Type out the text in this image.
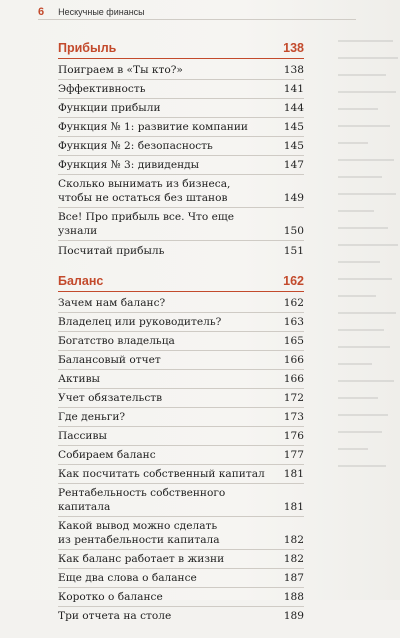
6 Нескучные финансы
Прибыль	138
Поиграем в «Ты кто?»	138
Эффективность	141
Функции прибыли	144
Функция № 1: развитие компании	145
Функция № 2: безопасность	145
Функция № 3: дивиденды	147
Сколько вынимать из бизнеса,
чтобы не остаться без штанов	149
Все! Про прибыль все. Что еще узнали	150
Посчитай прибыль	151
Баланс	162
Зачем нам баланс?	162
Владелец или руководитель?	163
Богатство владельца	165
Балансовый отчет	166
Активы	166
Учет обязательств	172
Где деньги?	173
Пассивы	176
Собираем баланс	177
Как посчитать собственный капитал	181
Рентабельность собственного капитала	181
Какой вывод можно сделать
из рентабельности капитала	182
Как баланс работает в жизни	182
Еще два слова о балансе	187
Коротко о балансе	188
Три отчета на столе	189
